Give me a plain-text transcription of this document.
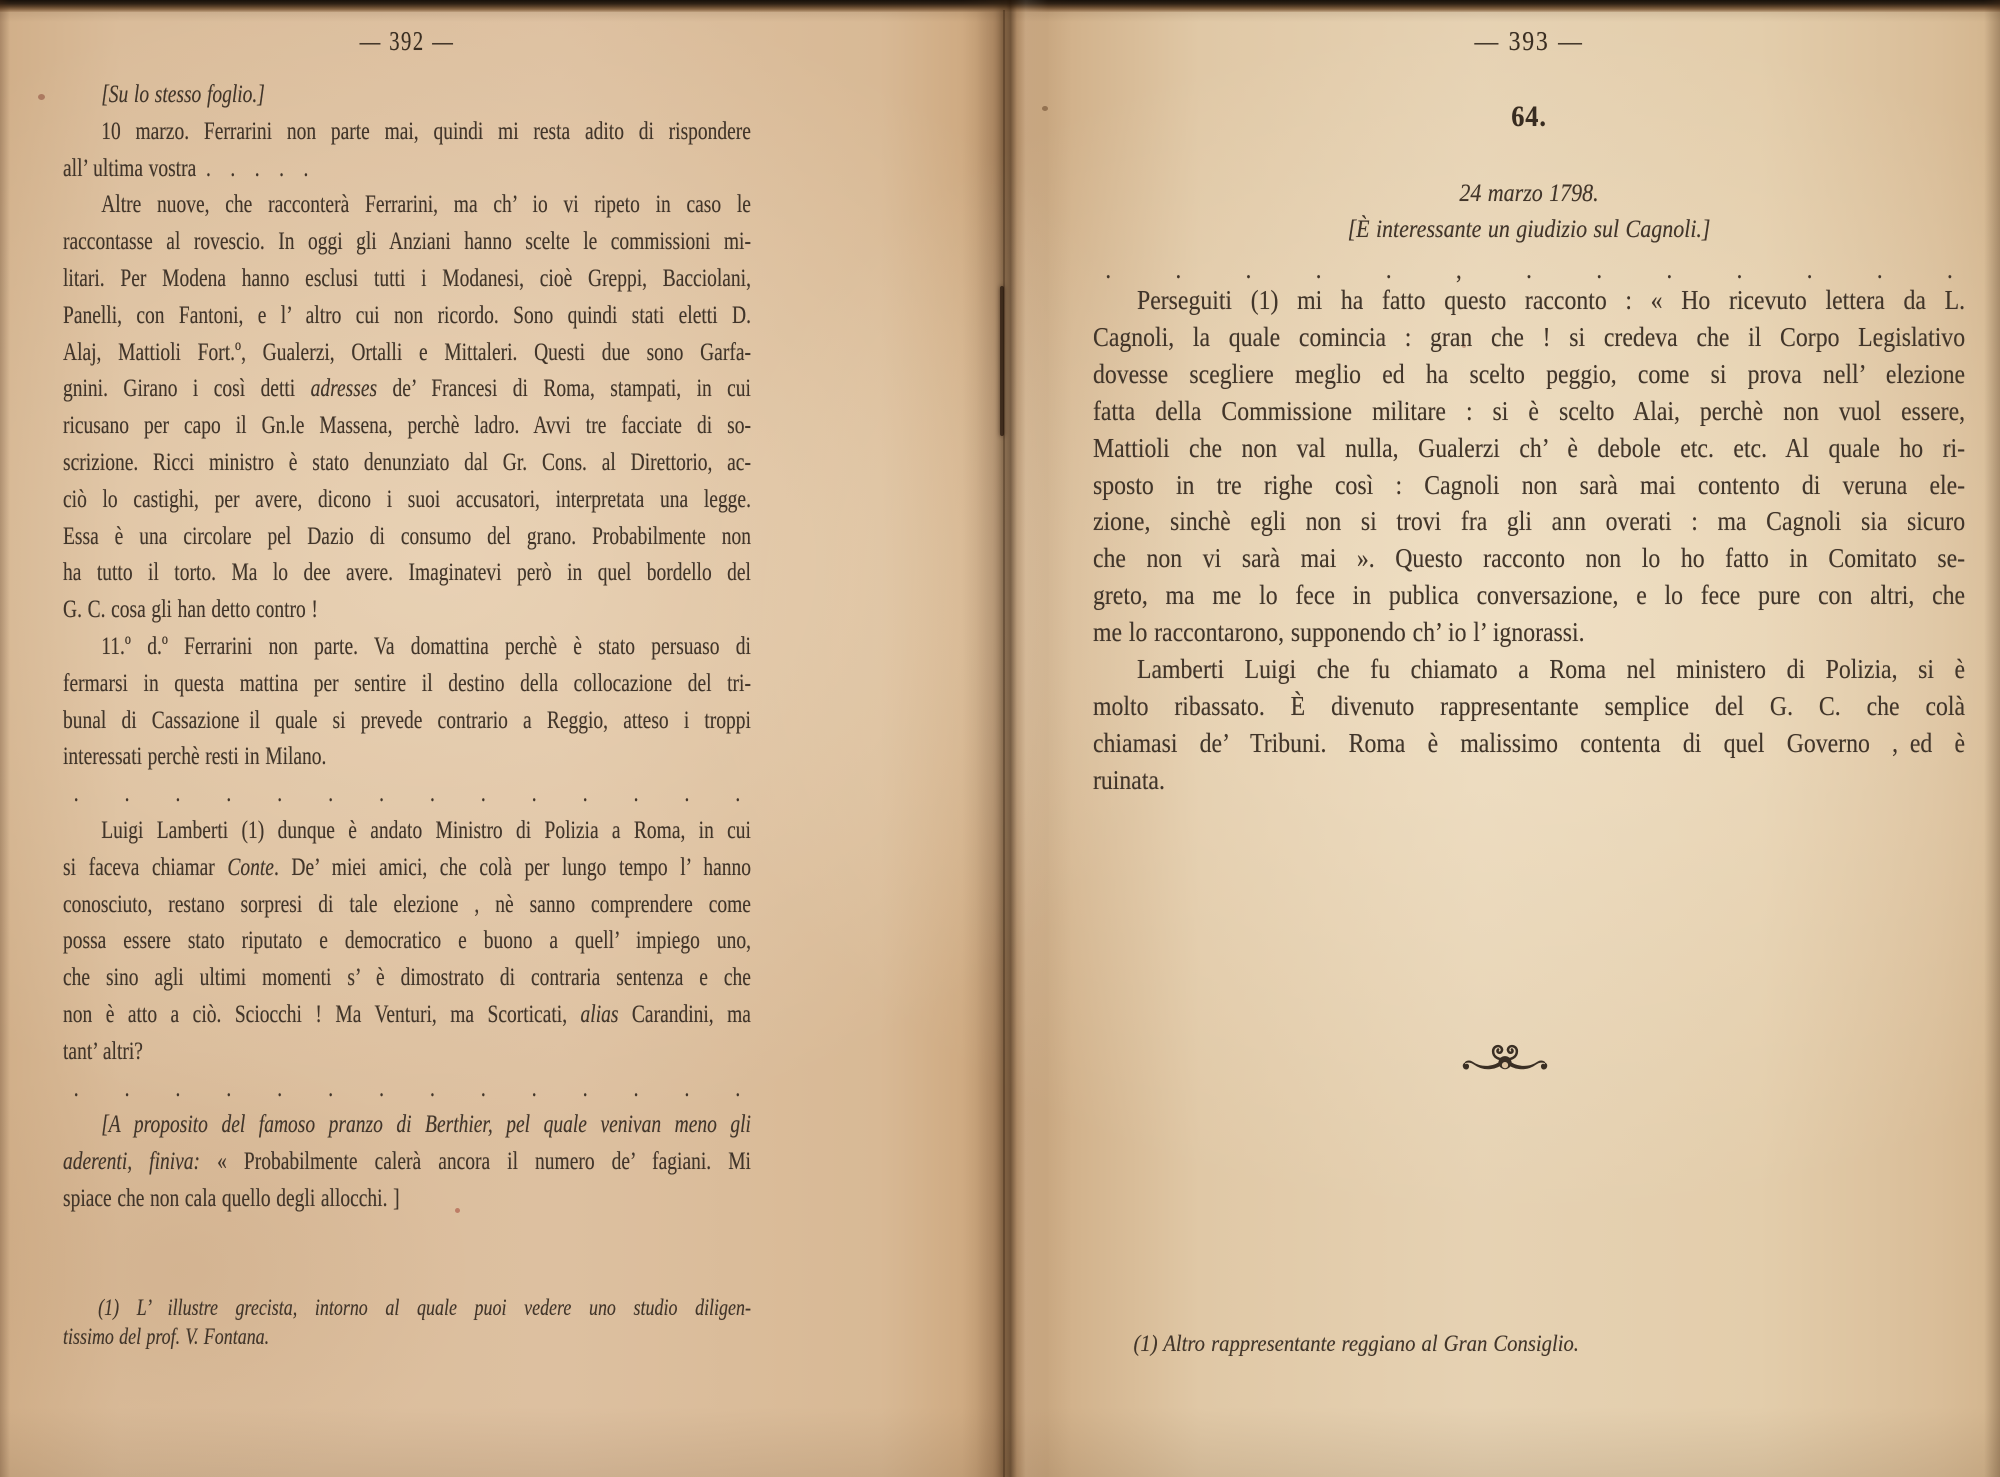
— 392 —
[Su lo stesso foglio.]
10 marzo. Ferrarini non parte mai, quindi mi resta adito di rispondere
all’ ultima vostra . . . . .
Altre nuove, che racconterà Ferrarini, ma ch’ io vi ripeto in caso le
raccontasse al rovescio. In oggi gli Anziani hanno scelte le commissioni mi-
litari. Per Modena hanno esclusi tutti i Modanesi, cioè Greppi, Bacciolani,
Panelli, con Fantoni, e l’ altro cui non ricordo. Sono quindi stati eletti D.
Alaj, Mattioli Fort.º, Gualerzi, Ortalli e Mittaleri. Questi due sono Garfa-
gnini. Girano i così detti adresses de’ Francesi di Roma, stampati, in cui
ricusano per capo il Gn.le Massena, perchè ladro. Avvi tre facciate di so-
scrizione. Ricci ministro è stato denunziato dal Gr. Cons. al Direttorio, ac-
ciò lo castighi, per avere, dicono i suoi accusatori, interpretata una legge.
Essa è una circolare pel Dazio di consumo del grano. Probabilmente non
ha tutto il torto. Ma lo dee avere. Imaginatevi però in quel bordello del
G. C. cosa gli han detto contro !
11.º d.º Ferrarini non parte. Va domattina perchè è stato persuaso di
fermarsi in questa mattina per sentire il destino della collocazione del tri-
bunal di Cassazione il quale si prevede contrario a Reggio, atteso i troppi
interessati perchè resti in Milano.
. . . . . . . . . . . . . .
Luigi Lamberti (1) dunque è andato Ministro di Polizia a Roma, in cui
si faceva chiamar Conte. De’ miei amici, che colà per lungo tempo l’ hanno
conosciuto, restano sorpresi di tale elezione , nè sanno comprendere come
possa essere stato riputato e democratico e buono a quell’ impiego uno,
che sino agli ultimi momenti s’ è dimostrato di contraria sentenza e che
non è atto a ciò. Sciocchi ! Ma Venturi, ma Scorticati, alias Carandini, ma
tant’ altri?
. . . . . . . . . . . . . .
[A proposito del famoso pranzo di Berthier, pel quale venivan meno gli
aderenti, finiva: « Probabilmente calerà ancora il numero de’ fagiani. Mi
spiace che non cala quello degli allocchi. ]
(1) L’ illustre grecista, intorno al quale puoi vedere uno studio diligen-
tissimo del prof. V. Fontana.
— 393 —
64.
24 marzo 1798.
[È interessante un giudizio sul Cagnoli.]
. . . . . , . . . . . . .
Perseguiti (1) mi ha fatto questo racconto : « Ho ricevuto lettera da L.
Cagnoli, la quale comincia : gran che ! si credeva che il Corpo Legislativo
dovesse scegliere meglio ed ha scelto peggio, come si prova nell’ elezione
fatta della Commissione militare : si è scelto Alai, perchè non vuol essere,
Mattioli che non val nulla, Gualerzi ch’ è debole etc. etc. Al quale ho ri-
sposto in tre righe così : Cagnoli non sarà mai contento di veruna ele-
zione, sinchè egli non si trovi fra gli ann overati : ma Cagnoli sia sicuro
che non vi sarà mai ». Questo racconto non lo ho fatto in Comitato se-
greto, ma me lo fece in publica conversazione, e lo fece pure con altri, che
me lo raccontarono, supponendo ch’ io l’ ignorassi.
Lamberti Luigi che fu chiamato a Roma nel ministero di Polizia, si è
molto ribassato. È divenuto rappresentante semplice del G. C. che colà
chiamasi de’ Tribuni. Roma è malissimo contenta di quel Governo , ed è
ruinata.
(1) Altro rappresentante reggiano al Gran Consiglio.
